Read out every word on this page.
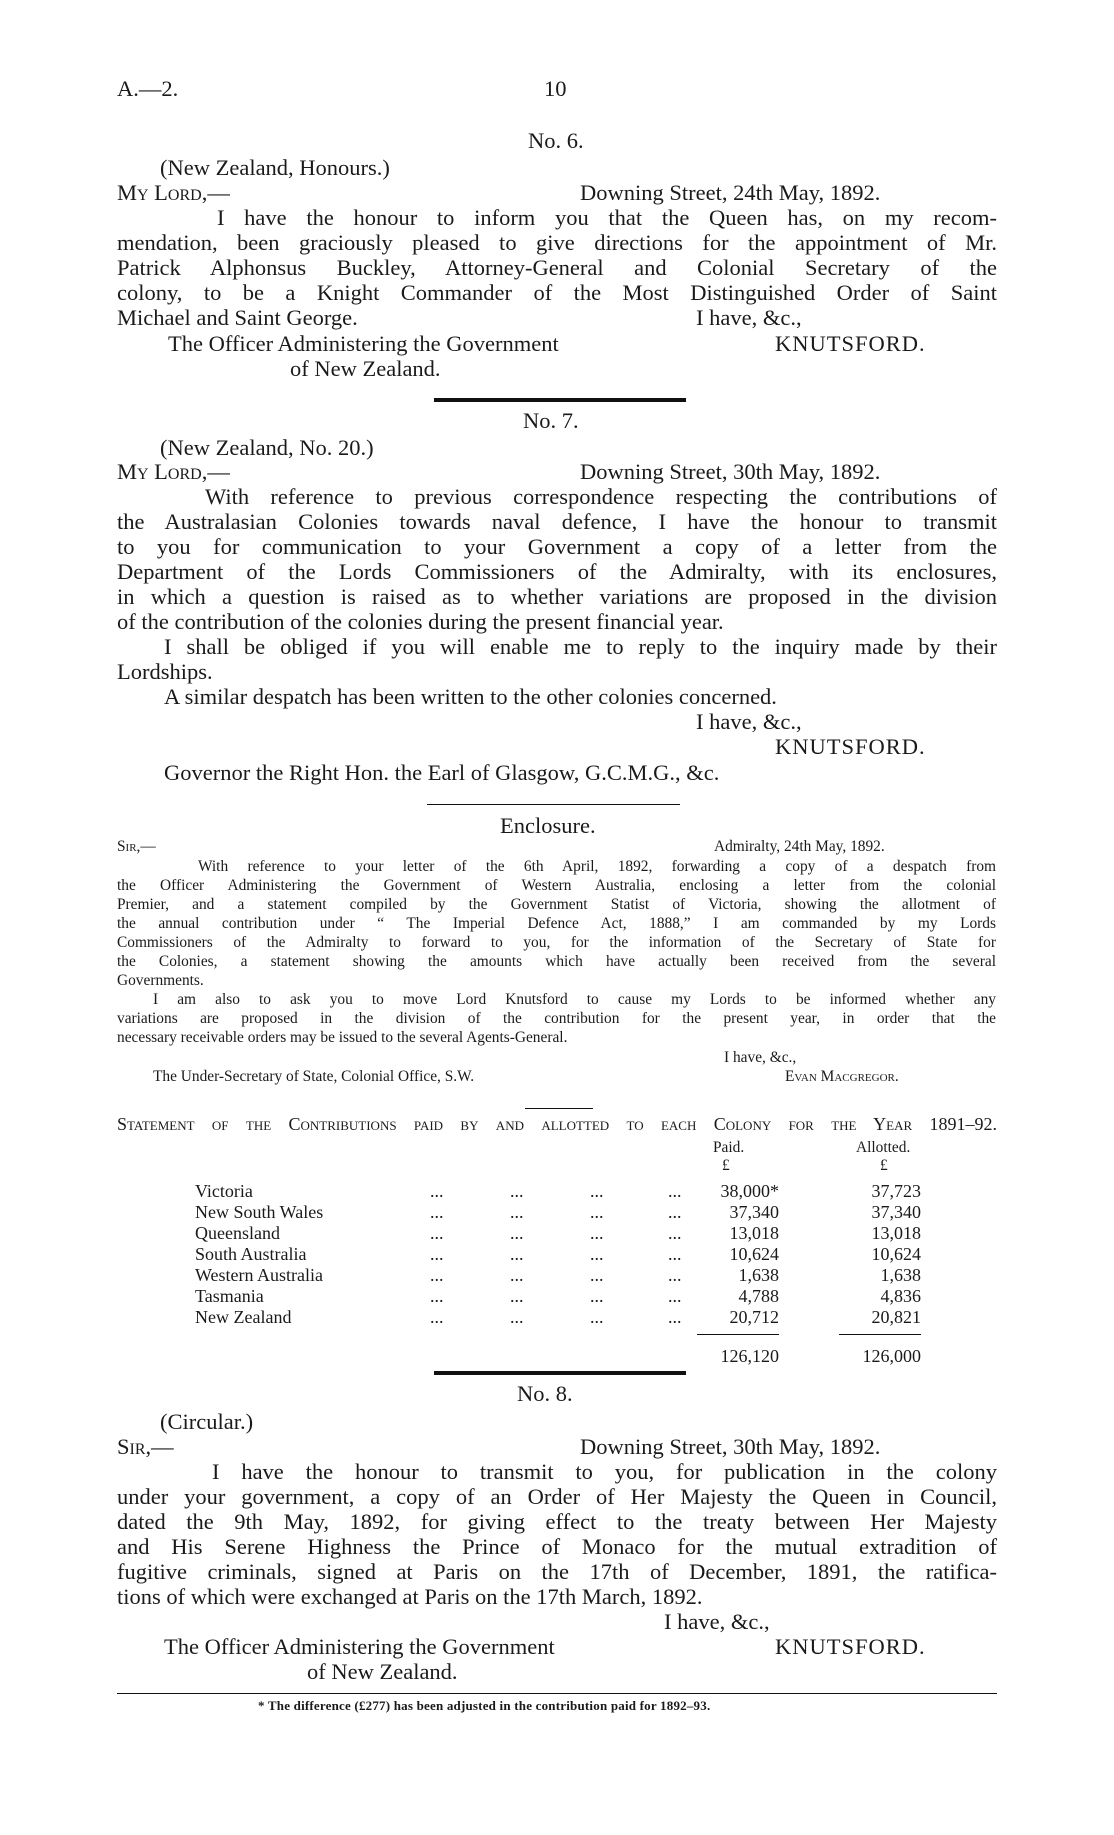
A.—2.	10
No. 6.
(New Zealand, Honours.)
My Lord,—	Downing Street, 24th May, 1892.
I have the honour to inform you that the Queen has, on my recom-
mendation, been graciously pleased to give directions for the appointment of Mr.
Patrick Alphonsus Buckley, Attorney-General and Colonial Secretary of the
colony, to be a Knight Commander of the Most Distinguished Order of Saint
Michael and Saint George.	I have, &c.,
The Officer Administering the Government	KNUTSFORD.
of New Zealand.
No. 7.
(New Zealand, No. 20.)
My Lord,—	Downing Street, 30th May, 1892.
With reference to previous correspondence respecting the contributions of
the Australasian Colonies towards naval defence, I have the honour to transmit
to you for communication to your Government a copy of a letter from the
Department of the Lords Commissioners of the Admiralty, with its enclosures,
in which a question is raised as to whether variations are proposed in the division
of the contribution of the colonies during the present financial year.
I shall be obliged if you will enable me to reply to the inquiry made by their
Lordships.
A similar despatch has been written to the other colonies concerned.
I have, &c.,
KNUTSFORD.
Governor the Right Hon. the Earl of Glasgow, G.C.M.G., &c.
Enclosure.
Sir,—	Admiralty, 24th May, 1892.
With reference to your letter of the 6th April, 1892, forwarding a copy of a despatch from
the Officer Administering the Government of Western Australia, enclosing a letter from the colonial
Premier, and a statement compiled by the Government Statist of Victoria, showing the allotment of
the annual contribution under “ The Imperial Defence Act, 1888,” I am commanded by my Lords
Commissioners of the Admiralty to forward to you, for the information of the Secretary of State for
the Colonies, a statement showing the amounts which have actually been received from the several
Governments.
I am also to ask you to move Lord Knutsford to cause my Lords to be informed whether any
variations are proposed in the division of the contribution for the present year, in order that the
necessary receivable orders may be issued to the several Agents-General.
I have, &c.,
The Under-Secretary of State, Colonial Office, S.W.	Evan Macgregor.
Statement of the Contributions paid by and allotted to each Colony for the Year 1891–92.
Paid.	Allotted.
£	£
Victoria	...	...	...	...	38,000*	37,723
New South Wales	...	...	...	...	37,340	37,340
Queensland	...	...	...	...	13,018	13,018
South Australia	...	...	...	...	10,624	10,624
Western Australia	...	...	...	...	1,638	1,638
Tasmania	...	...	...	...	4,788	4,836
New Zealand	...	...	...	...	20,712	20,821
126,120	126,000
No. 8.
(Circular.)
Sir,—	Downing Street, 30th May, 1892.
I have the honour to transmit to you, for publication in the colony
under your government, a copy of an Order of Her Majesty the Queen in Council,
dated the 9th May, 1892, for giving effect to the treaty between Her Majesty
and His Serene Highness the Prince of Monaco for the mutual extradition of
fugitive criminals, signed at Paris on the 17th of December, 1891, the ratifica-
tions of which were exchanged at Paris on the 17th March, 1892.
I have, &c.,
The Officer Administering the Government	KNUTSFORD.
of New Zealand.
* The difference (£277) has been adjusted in the contribution paid for 1892–93.
